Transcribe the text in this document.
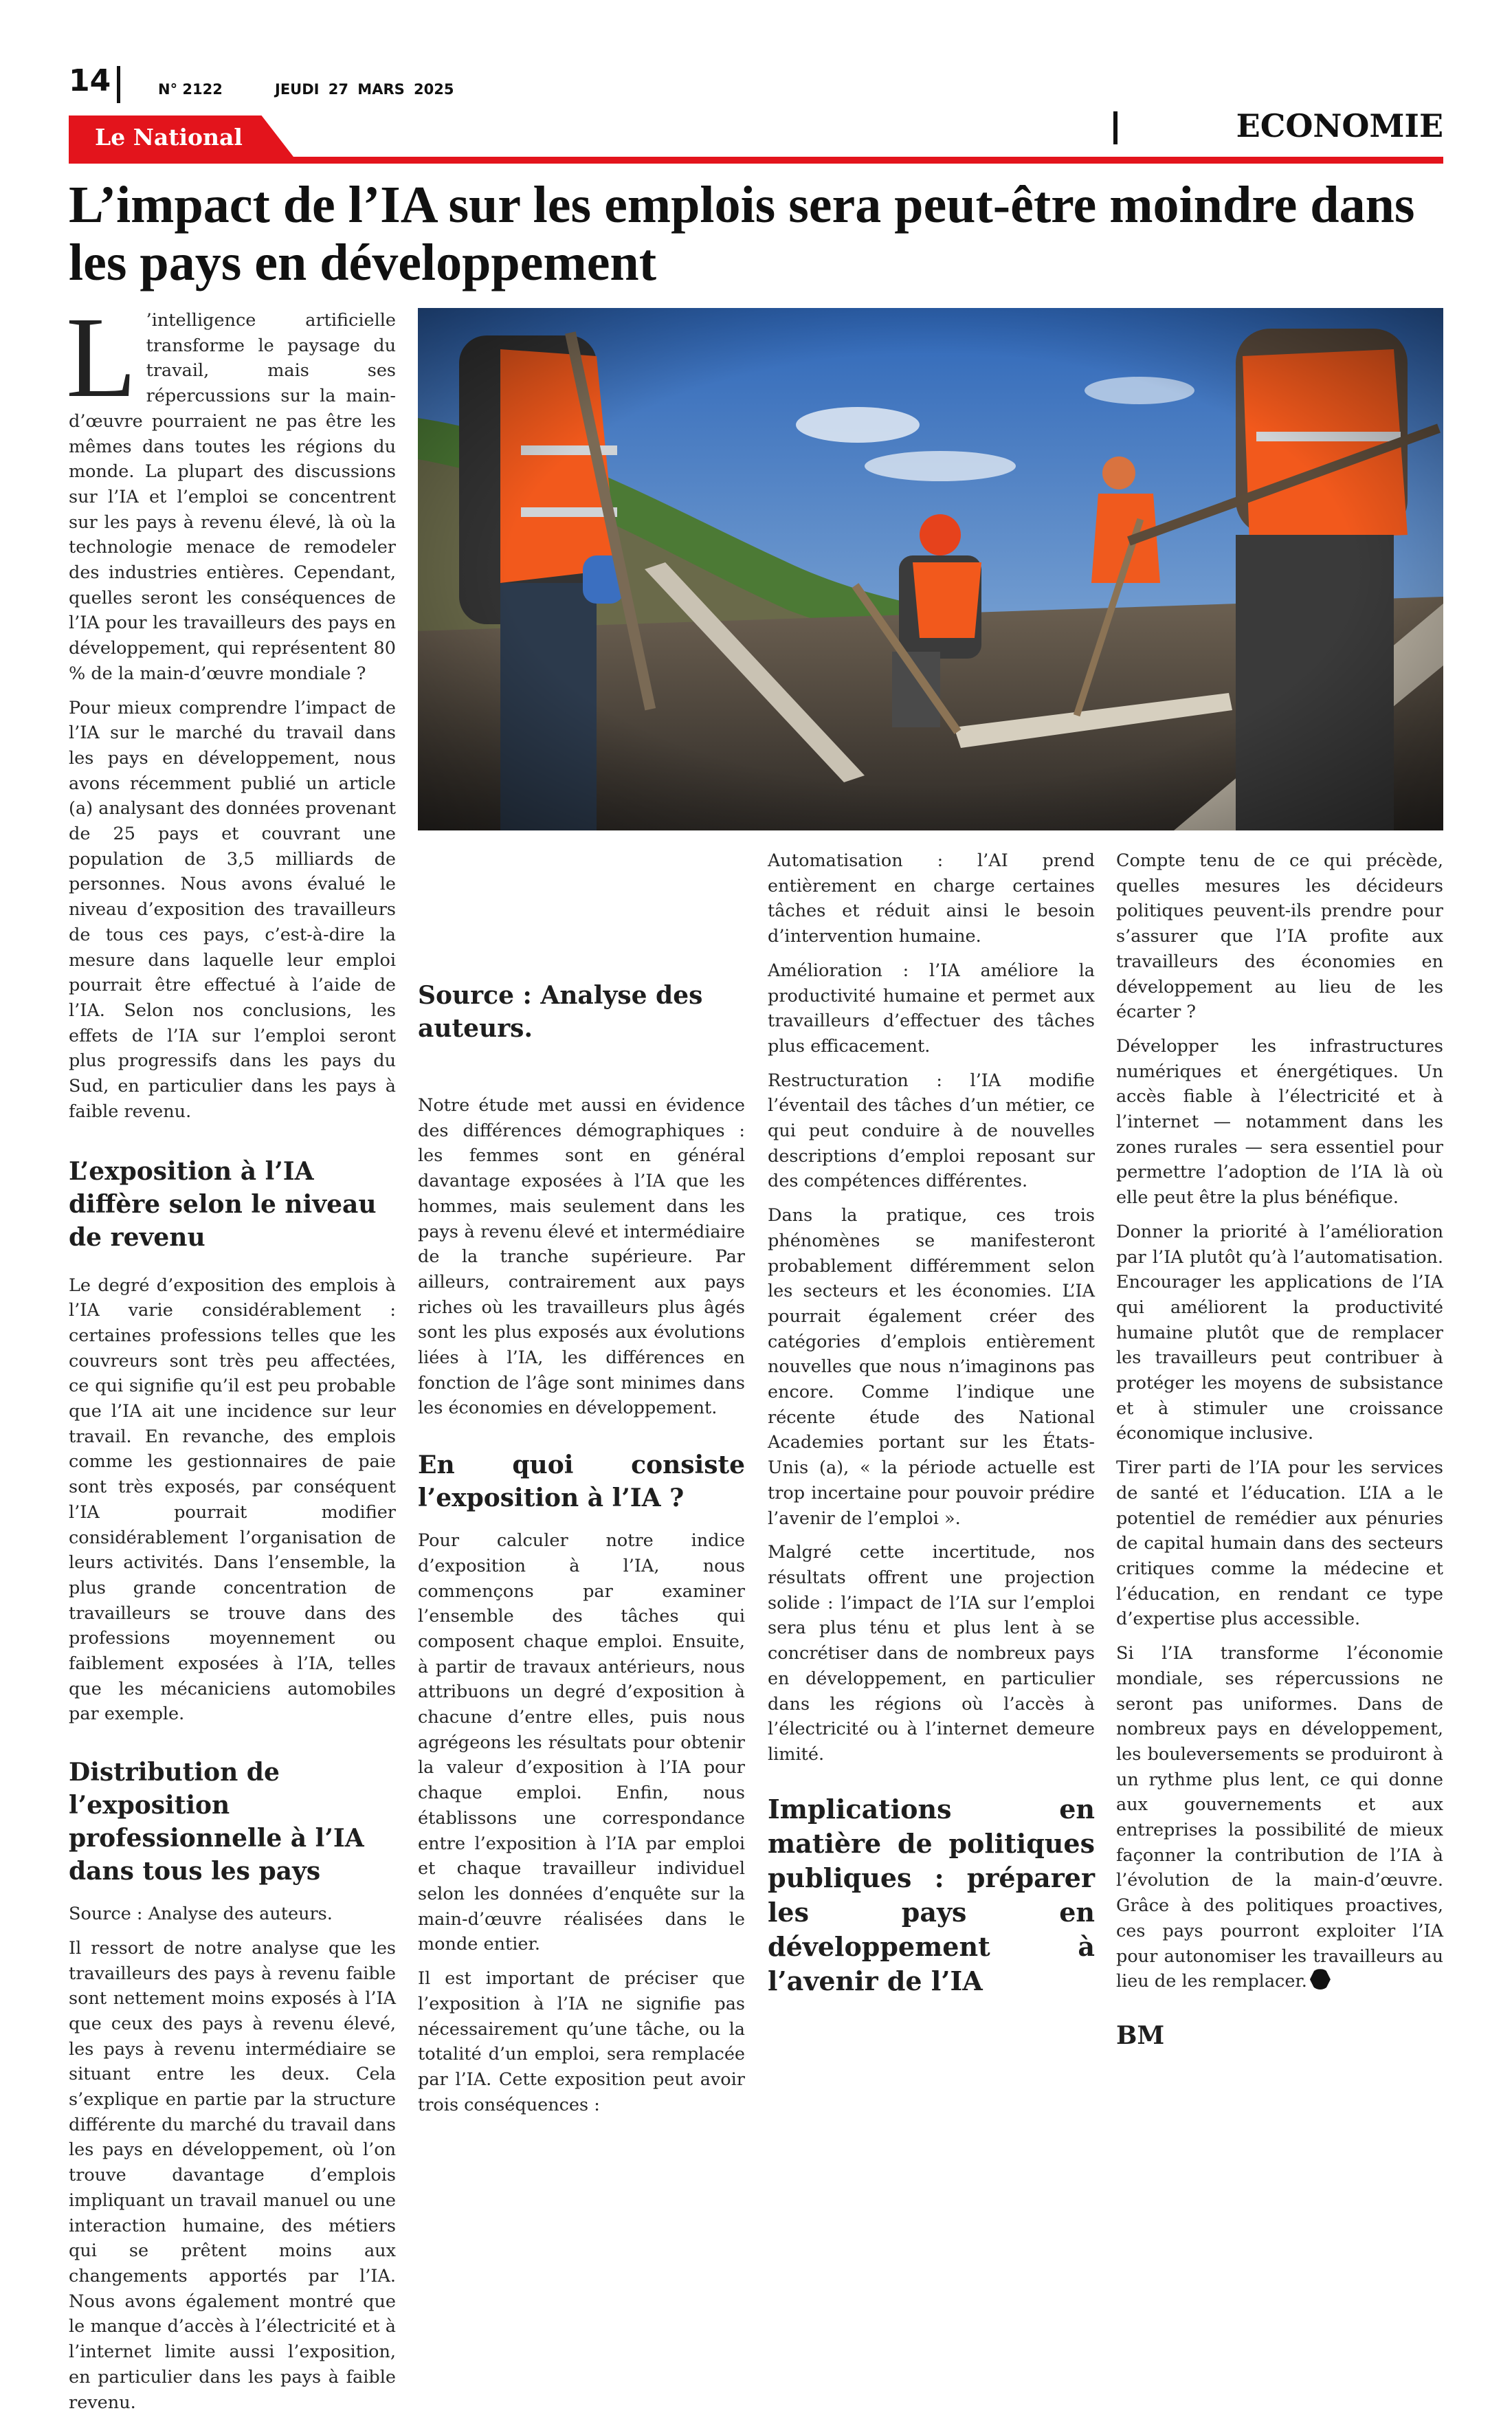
14	N° 2122	JEUDI 27 MARS 2025
Le National	ECONOMIE
L’impact de l’IA sur les emplois sera peut-être moindre dans les pays en développement

L ’intelligence artificielle transforme le paysage du travail, mais ses répercussions sur la main-d’œuvre pourraient ne pas être les mêmes dans toutes les régions du monde. La plupart des discussions sur l’IA et l’emploi se concentrent sur les pays à revenu élevé, là où la technologie menace de remodeler des industries entières. Cependant, quelles seront les conséquences de l’IA pour les travailleurs des pays en développement, qui représentent 80 % de la main-d’œuvre mondiale ?

Pour mieux comprendre l’impact de l’IA sur le marché du travail dans les pays en développement, nous avons récemment publié un article (a) analysant des données provenant de 25 pays et couvrant une population de 3,5 milliards de personnes. Nous avons évalué le niveau d’exposition des travailleurs de tous ces pays, c’est-à-dire la mesure dans laquelle leur emploi pourrait être effectué à l’aide de l’IA. Selon nos conclusions, les effets de l’IA sur l’emploi seront plus progressifs dans les pays du Sud, en particulier dans les pays à faible revenu.

L’exposition à l’IA diffère selon le niveau de revenu

Le degré d’exposition des emplois à l’IA varie considérablement : certaines professions telles que les couvreurs sont très peu affectées, ce qui signifie qu’il est peu probable que l’IA ait une incidence sur leur travail. En revanche, des emplois comme les gestionnaires de paie sont très exposés, par conséquent l’IA pourrait modifier considérablement l’organisation de leurs activités. Dans l’ensemble, la plus grande concentration de travailleurs se trouve dans des professions moyennement ou faiblement exposées à l’IA, telles que les mécaniciens automobiles par exemple.

Distribution de l’exposition professionnelle à l’IA dans tous les pays

Source : Analyse des auteurs.

Il ressort de notre analyse que les travailleurs des pays à revenu faible sont nettement moins exposés à l’IA que ceux des pays à revenu élevé, les pays à revenu intermédiaire se situant entre les deux. Cela s’explique en partie par la structure différente du marché du travail dans les pays en développement, où l’on trouve davantage d’emplois impliquant un travail manuel ou une interaction humaine, des métiers qui se prêtent moins aux changements apportés par l’IA. Nous avons également montré que le manque d’accès à l’électricité et à l’internet limite aussi l’exposition, en particulier dans les pays à faible revenu.

Source : Analyse des auteurs.

Notre étude met aussi en évidence des différences démographiques : les femmes sont en général davantage exposées à l’IA que les hommes, mais seulement dans les pays à revenu élevé et intermédiaire de la tranche supérieure. Par ailleurs, contrairement aux pays riches où les travailleurs plus âgés sont les plus exposés aux évolutions liées à l’IA, les différences en fonction de l’âge sont minimes dans les économies en développement.

En quoi consiste l’exposition à l’IA ?

Pour calculer notre indice d’exposition à l’IA, nous commençons par examiner l’ensemble des tâches qui composent chaque emploi. Ensuite, à partir de travaux antérieurs, nous attribuons un degré d’exposition à chacune d’entre elles, puis nous agrégeons les résultats pour obtenir la valeur d’exposition à l’IA pour chaque emploi. Enfin, nous établissons une correspondance entre l’exposition à l’IA par emploi et chaque travailleur individuel selon les données d’enquête sur la main-d’œuvre réalisées dans le monde entier.

Il est important de préciser que l’exposition à l’IA ne signifie pas nécessairement qu’une tâche, ou la totalité d’un emploi, sera remplacée par l’IA. Cette exposition peut avoir trois conséquences :

Automatisation : l’AI prend entièrement en charge certaines tâches et réduit ainsi le besoin d’intervention humaine.

Amélioration : l’IA améliore la productivité humaine et permet aux travailleurs d’effectuer des tâches plus efficacement.

Restructuration : l’IA modifie l’éventail des tâches d’un métier, ce qui peut conduire à de nouvelles descriptions d’emploi reposant sur des compétences différentes.

Dans la pratique, ces trois phénomènes se manifesteront probablement différemment selon les secteurs et les économies. L’IA pourrait également créer des catégories d’emplois entièrement nouvelles que nous n’imaginons pas encore. Comme l’indique une récente étude des National Academies portant sur les États-Unis (a), « la période actuelle est trop incertaine pour pouvoir prédire l’avenir de l’emploi ».

Malgré cette incertitude, nos résultats offrent une projection solide : l’impact de l’IA sur l’emploi sera plus ténu et plus lent à se concrétiser dans de nombreux pays en développement, en particulier dans les régions où l’accès à l’électricité ou à l’internet demeure limité.

Implications en matière de politiques publiques : préparer les pays en développement à l’avenir de l’IA

Compte tenu de ce qui précède, quelles mesures les décideurs politiques peuvent-ils prendre pour s’assurer que l’IA profite aux travailleurs des économies en développement au lieu de les écarter ?

Développer les infrastructures numériques et énergétiques. Un accès fiable à l’électricité et à l’internet — notamment dans les zones rurales — sera essentiel pour permettre l’adoption de l’IA là où elle peut être la plus bénéfique.

Donner la priorité à l’amélioration par l’IA plutôt qu’à l’automatisation. Encourager les applications de l’IA qui améliorent la productivité humaine plutôt que de remplacer les travailleurs peut contribuer à protéger les moyens de subsistance et à stimuler une croissance économique inclusive.

Tirer parti de l’IA pour les services de santé et l’éducation. L’IA a le potentiel de remédier aux pénuries de capital humain dans des secteurs critiques comme la médecine et l’éducation, en rendant ce type d’expertise plus accessible.

Si l’IA transforme l’économie mondiale, ses répercussions ne seront pas uniformes. Dans de nombreux pays en développement, les bouleversements se produiront à un rythme plus lent, ce qui donne aux gouvernements et aux entreprises la possibilité de mieux façonner la contribution de l’IA à l’évolution de la main-d’œuvre. Grâce à des politiques proactives, ces pays pourront exploiter l’IA pour autonomiser les travailleurs au lieu de les remplacer.

BM
